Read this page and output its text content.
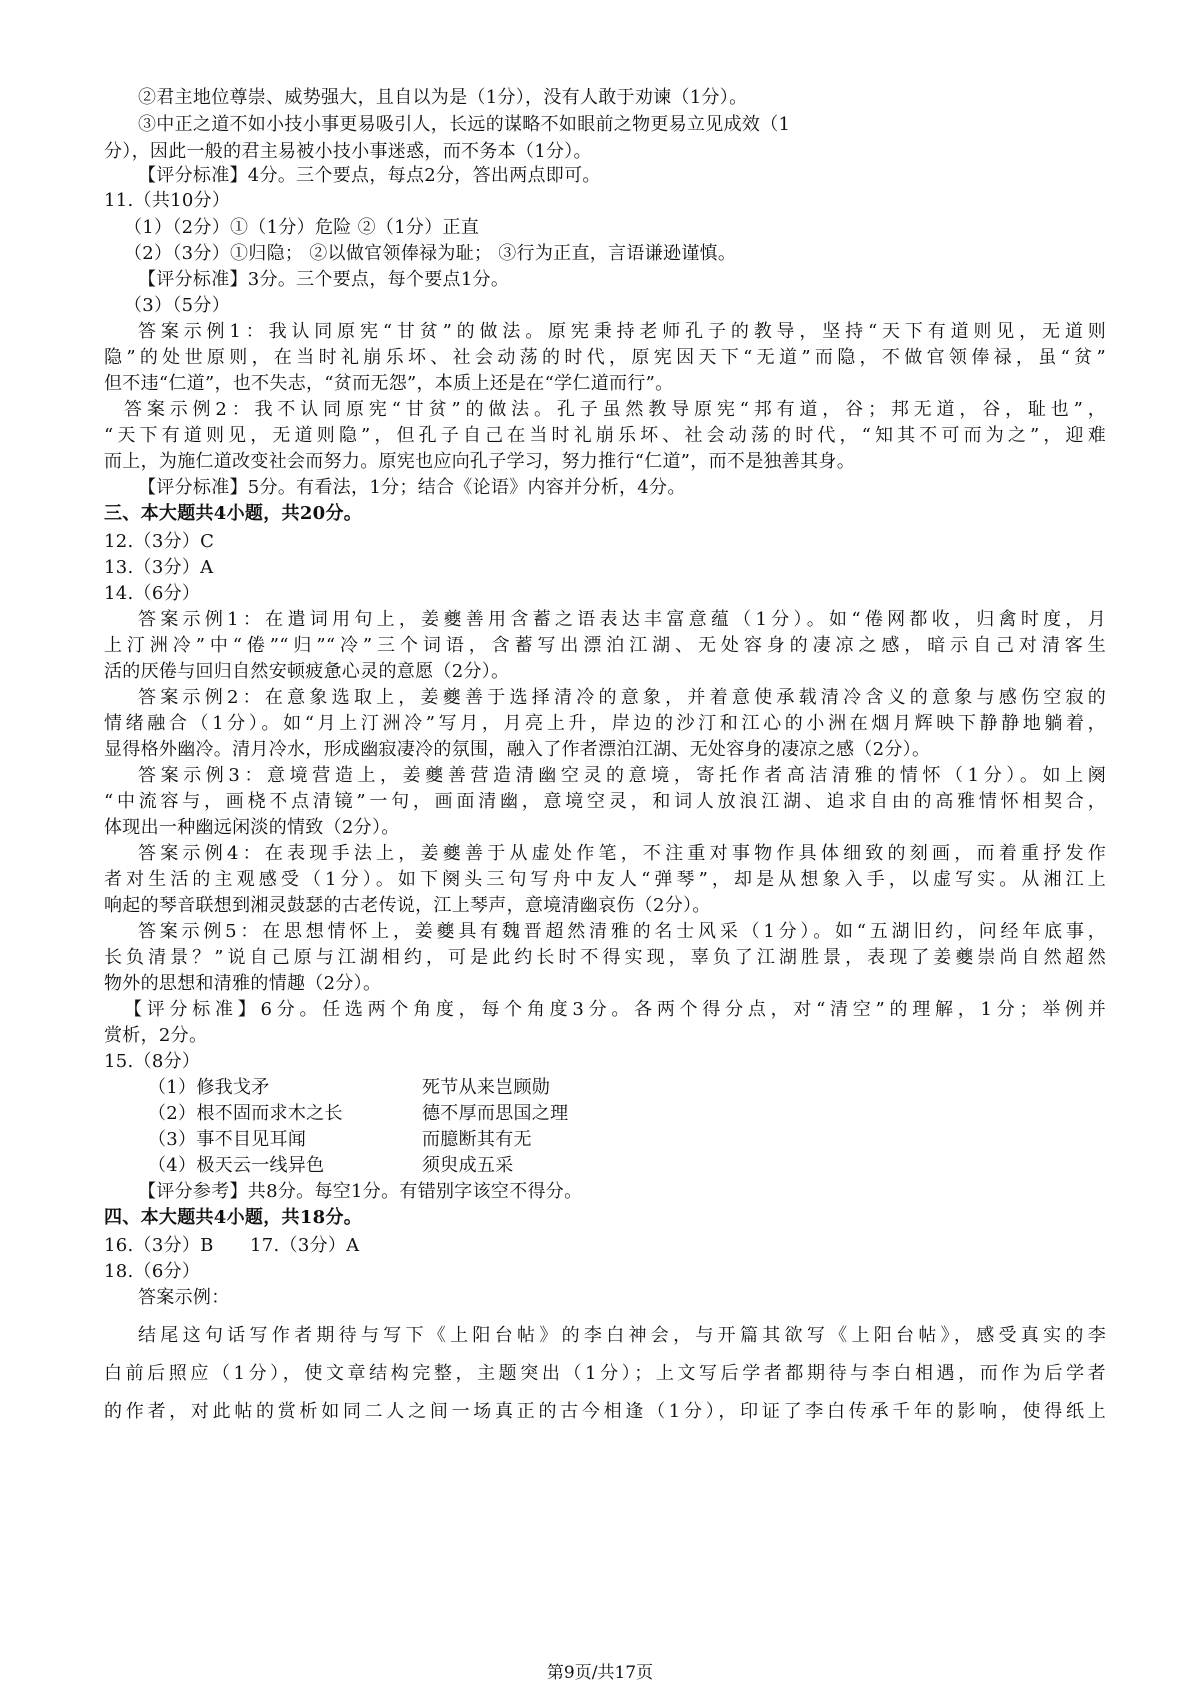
②君主地位尊崇、威势强大，且自以为是（1分），没有人敢于劝谏（1分）。
③中正之道不如小技小事更易吸引人，长远的谋略不如眼前之物更易立见成效（1
分），因此一般的君主易被小技小事迷惑，而不务本（1分）。
【评分标准】4分。三个要点，每点2分，答出两点即可。
11.（共10分）
（1）（2分）①（1分）危险 ②（1分）正直
（2）（3分）①归隐； ②以做官领俸禄为耻； ③行为正直，言语谦逊谨慎。
【评分标准】3分。三个要点，每个要点1分。
（3）（5分）
答案示例1：我认同原宪“甘贫”的做法。原宪秉持老师孔子的教导，坚持“天下有道则见，无道则
隐”的处世原则，在当时礼崩乐坏、社会动荡的时代，原宪因天下“无道”而隐，不做官领俸禄，虽“贫”
但不违“仁道”，也不失志，“贫而无怨”，本质上还是在“学仁道而行”。
答案示例2：我不认同原宪“甘贫”的做法。孔子虽然教导原宪“邦有道，谷；邦无道，谷，耻也”，
“天下有道则见，无道则隐”，但孔子自己在当时礼崩乐坏、社会动荡的时代，“知其不可而为之”，迎难
而上，为施仁道改变社会而努力。原宪也应向孔子学习，努力推行“仁道”，而不是独善其身。
【评分标准】5分。有看法，1分；结合《论语》内容并分析，4分。
三、本大题共4小题，共20分。
12.（3分）C
13.（3分）A
14.（6分）
答案示例1：在遣词用句上，姜夔善用含蓄之语表达丰富意蕴（1分）。如“倦网都收，归禽时度，月
上汀洲冷”中“倦”“归”“冷”三个词语，含蓄写出漂泊江湖、无处容身的凄凉之感，暗示自己对清客生
活的厌倦与回归自然安顿疲惫心灵的意愿（2分）。
答案示例2：在意象选取上，姜夔善于选择清冷的意象，并着意使承载清冷含义的意象与感伤空寂的
情绪融合（1分）。如“月上汀洲冷”写月，月亮上升，岸边的沙汀和江心的小洲在烟月辉映下静静地躺着，
显得格外幽冷。清月冷水，形成幽寂凄冷的氛围，融入了作者漂泊江湖、无处容身的凄凉之感（2分）。
答案示例3：意境营造上，姜夔善营造清幽空灵的意境，寄托作者高洁清雅的情怀（1分）。如上阕
“中流容与，画桡不点清镜”一句，画面清幽，意境空灵，和词人放浪江湖、追求自由的高雅情怀相契合，
体现出一种幽远闲淡的情致（2分）。
答案示例4：在表现手法上，姜夔善于从虚处作笔，不注重对事物作具体细致的刻画，而着重抒发作
者对生活的主观感受（1分）。如下阕头三句写舟中友人“弹琴”，却是从想象入手，以虚写实。从湘江上
响起的琴音联想到湘灵鼓瑟的古老传说，江上琴声，意境清幽哀伤（2分）。
答案示例5：在思想情怀上，姜夔具有魏晋超然清雅的名士风采（1分）。如“五湖旧约，问经年底事，
长负清景？”说自己原与江湖相约，可是此约长时不得实现，辜负了江湖胜景，表现了姜夔崇尚自然超然
物外的思想和清雅的情趣（2分）。
【评分标准】6分。任选两个角度，每个角度3分。各两个得分点，对“清空”的理解，1分；举例并
赏析，2分。
15.（8分）
（1）修我戈矛	死节从来岂顾勋
（2）根不固而求木之长	德不厚而思国之理
（3）事不目见耳闻	而臆断其有无
（4）极天云一线异色	须臾成五采
【评分参考】共8分。每空1分。有错别字该空不得分。
四、本大题共4小题，共18分。
16.（3分）B 17.（3分）A
18.（6分）
答案示例：
结尾这句话写作者期待与写下《上阳台帖》的李白神会，与开篇其欲写《上阳台帖》，感受真实的李
白前后照应（1分），使文章结构完整，主题突出（1分）；上文写后学者都期待与李白相遇，而作为后学者
的作者，对此帖的赏析如同二人之间一场真正的古今相逢（1分），印证了李白传承千年的影响，使得纸上
第9页/共17页
